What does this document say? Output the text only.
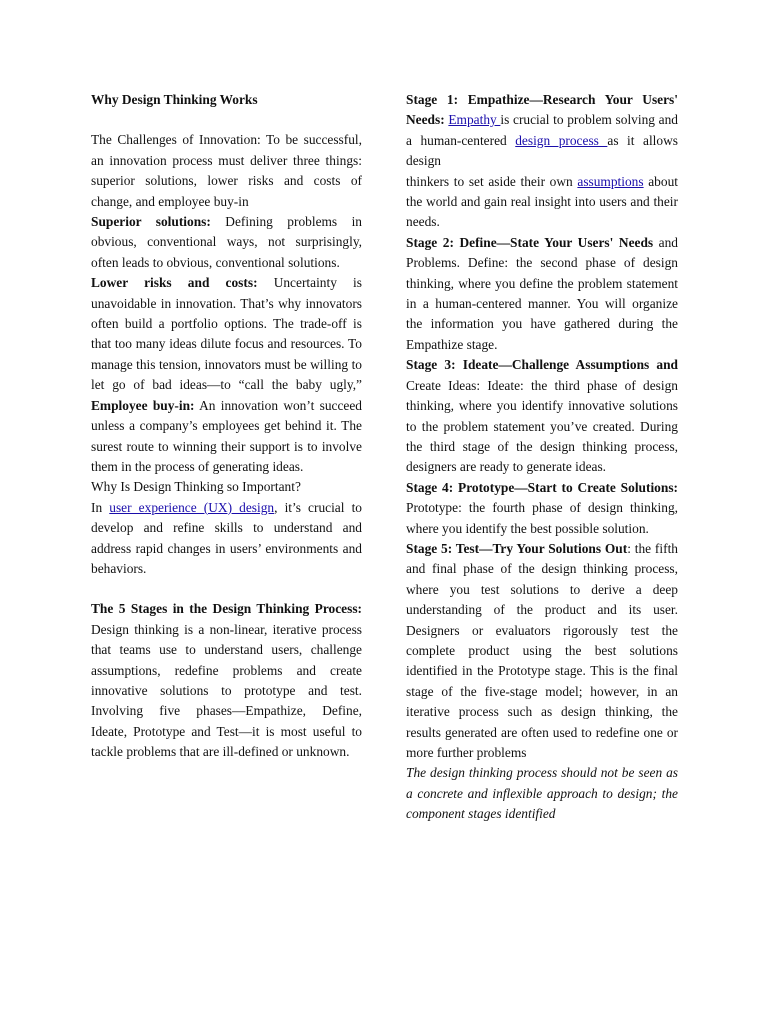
Why Design Thinking Works

The Challenges of Innovation: To be successful, an innovation process must deliver three things: superior solutions, lower risks and costs of change, and employee buy-in

Superior solutions: Defining problems in obvious, conventional ways, not surprisingly, often leads to obvious, conventional solutions.

Lower risks and costs: Uncertainty is unavoidable in innovation. That’s why innovators often build a portfolio options. The trade-off is that too many ideas dilute focus and resources. To manage this tension, innovators must be willing to let go of bad ideas—to “call the baby ugly,” Employee buy-in: An innovation won’t succeed unless a company’s employees get behind it. The surest route to winning their support is to involve them in the process of generating ideas.

Why Is Design Thinking so Important?

In user experience (UX) design, it’s crucial to develop and refine skills to understand and address rapid changes in users’ environments and behaviors.

The 5 Stages in the Design Thinking Process: Design thinking is a non-linear, iterative process that teams use to understand users, challenge assumptions, redefine problems and create innovative solutions to prototype and test. Involving five phases—Empathize, Define, Ideate, Prototype and Test—it is most useful to tackle problems that are ill-defined or unknown.

Stage 1: Empathize—Research Your Users' Needs: Empathy is crucial to problem solving and a human-centered design process as it allows design

thinkers to set aside their own assumptions about the world and gain real insight into users and their needs.

Stage 2: Define—State Your Users' Needs and Problems. Define: the second phase of design thinking, where you define the problem statement in a human-centered manner. You will organize the information you have gathered during the Empathize stage.

Stage 3: Ideate—Challenge Assumptions and Create Ideas: Ideate: the third phase of design thinking, where you identify innovative solutions to the problem statement you’ve created. During the third stage of the design thinking process, designers are ready to generate ideas.

Stage 4: Prototype—Start to Create Solutions: Prototype: the fourth phase of design thinking, where you identify the best possible solution.

Stage 5: Test—Try Your Solutions Out: the fifth and final phase of the design thinking process, where you test solutions to derive a deep understanding of the product and its user. Designers or evaluators rigorously test the complete product using the best solutions identified in the Prototype stage. This is the final stage of the five-stage model; however, in an iterative process such as design thinking, the results generated are often used to redefine one or more further problems

The design thinking process should not be seen as a concrete and inflexible approach to design; the component stages identified
